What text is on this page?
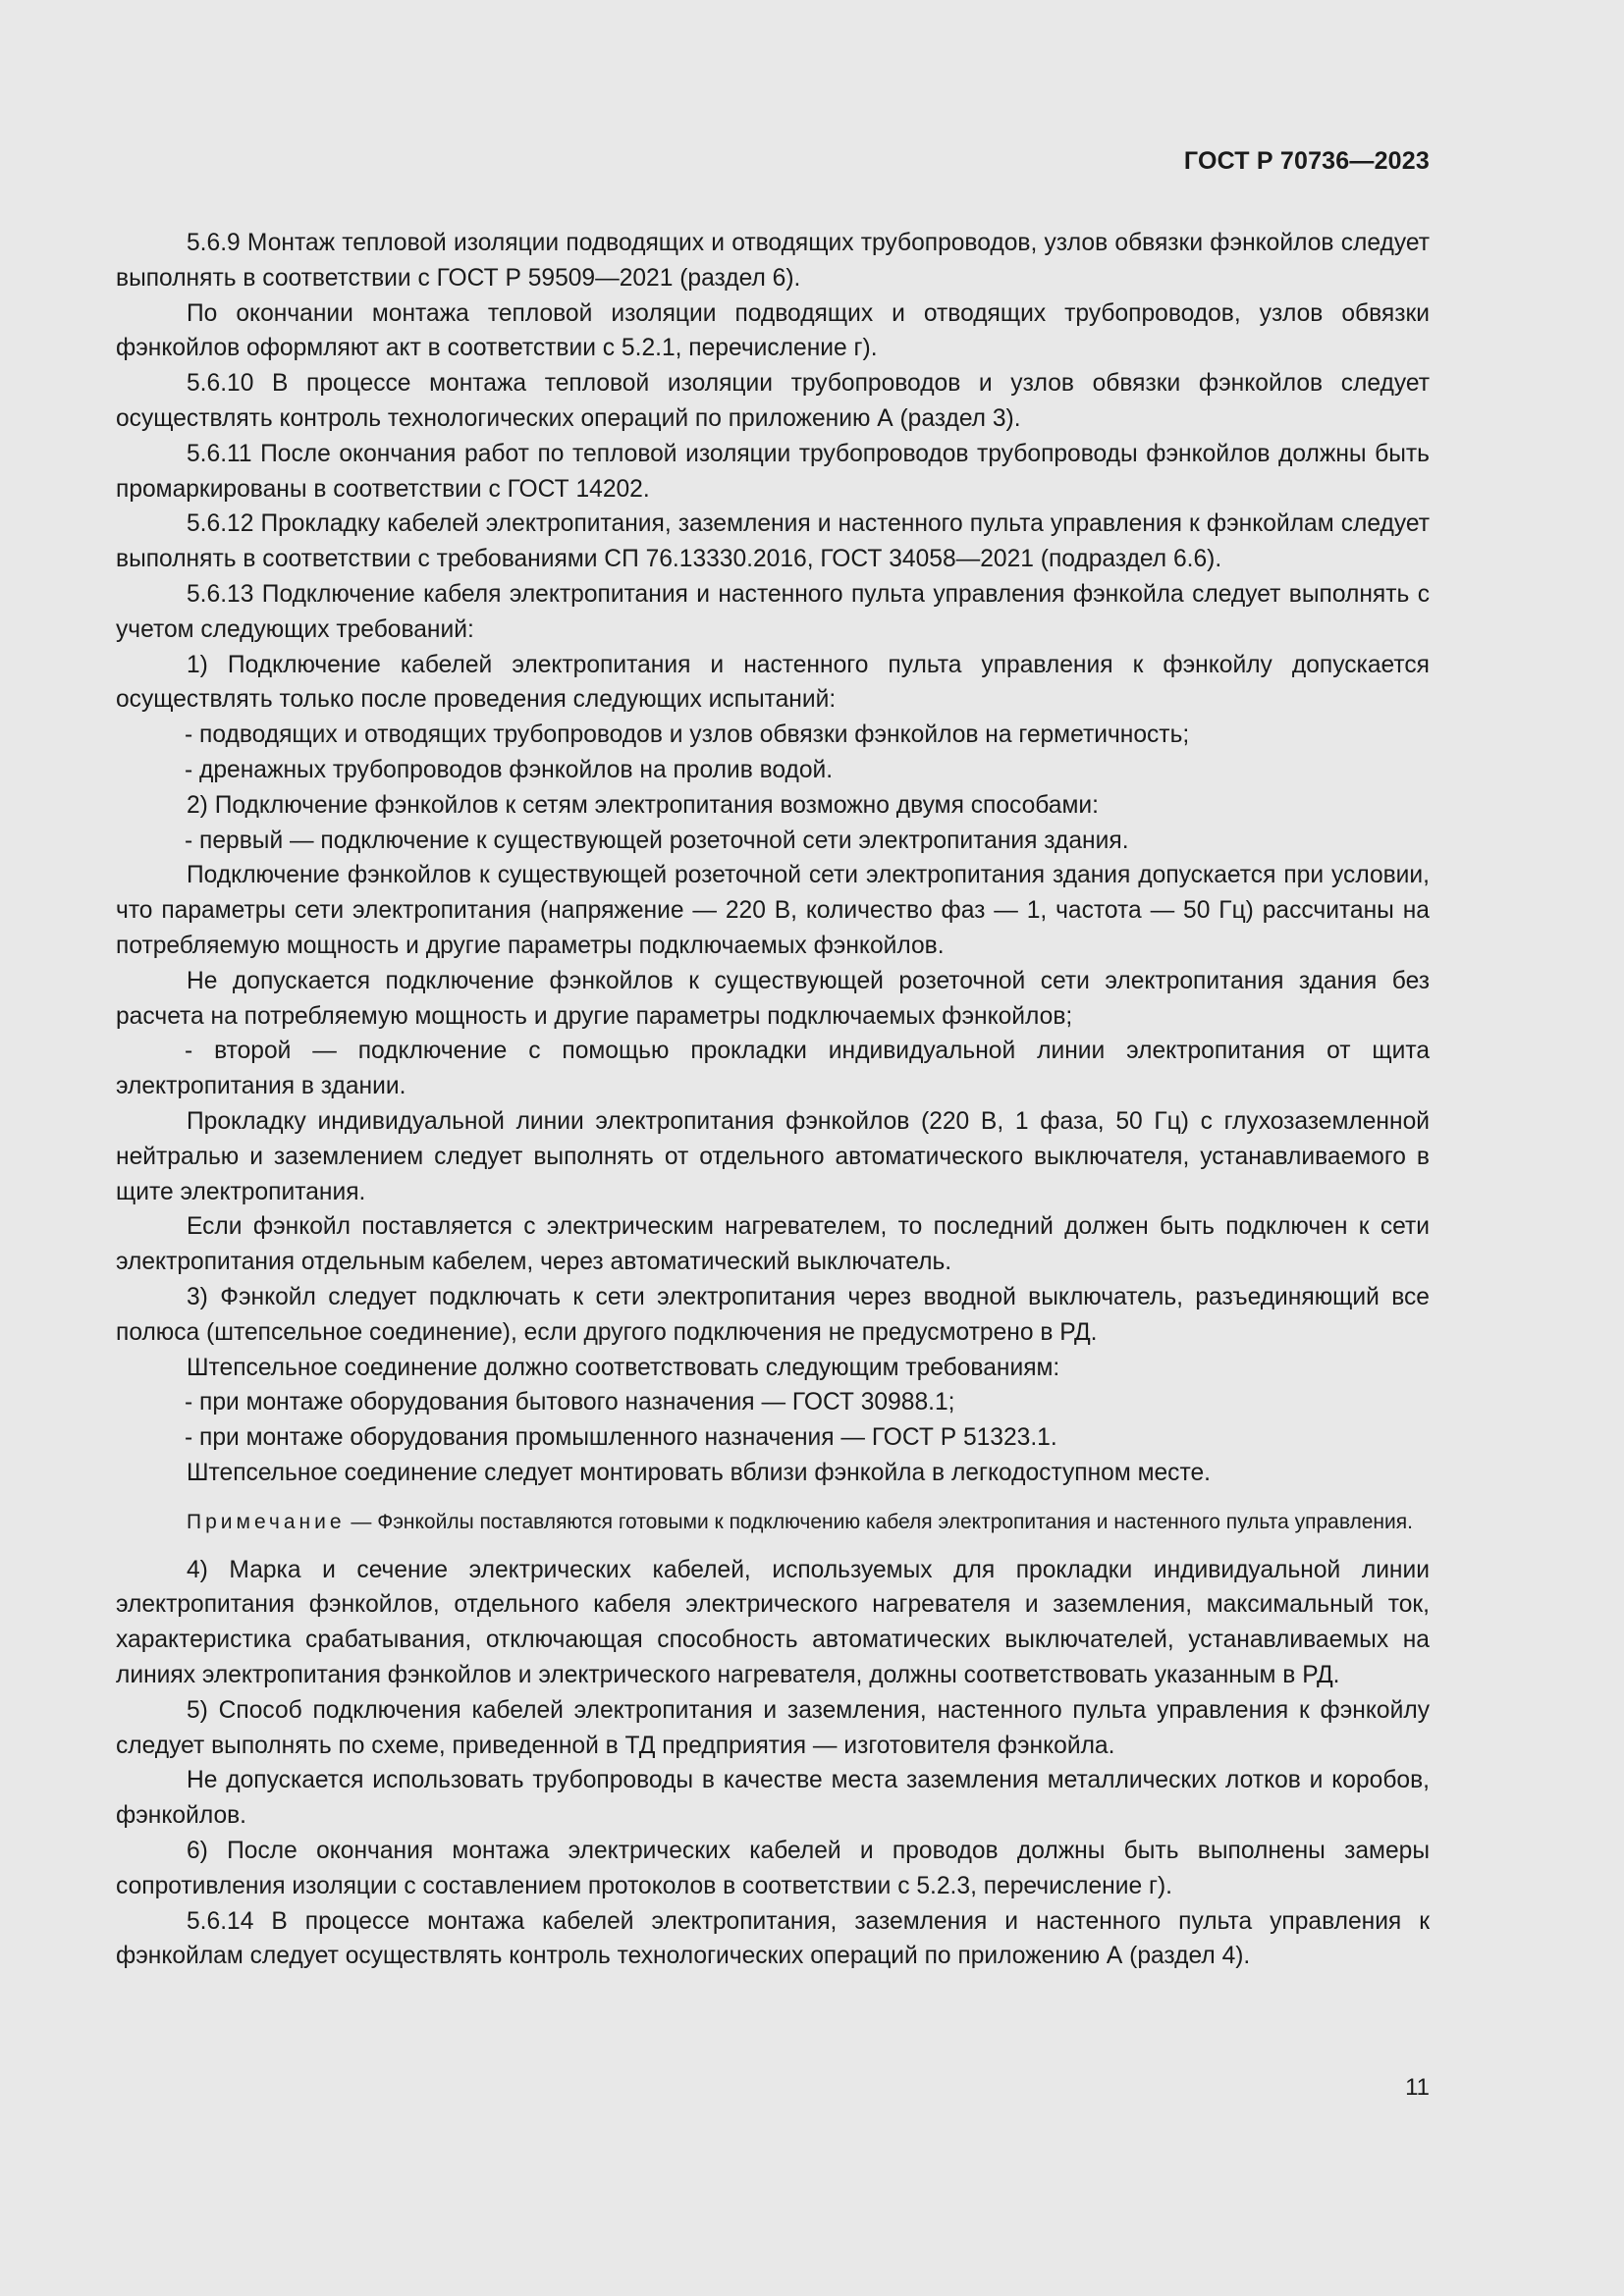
ГОСТ Р 70736—2023

5.6.9 Монтаж тепловой изоляции подводящих и отводящих трубопроводов, узлов обвязки фэнкойлов следует выполнять в соответствии с ГОСТ Р 59509—2021 (раздел 6).

По окончании монтажа тепловой изоляции подводящих и отводящих трубопроводов, узлов обвязки фэнкойлов оформляют акт в соответствии с 5.2.1, перечисление г).

5.6.10 В процессе монтажа тепловой изоляции трубопроводов и узлов обвязки фэнкойлов следует осуществлять контроль технологических операций по приложению А (раздел 3).

5.6.11 После окончания работ по тепловой изоляции трубопроводов трубопроводы фэнкойлов должны быть промаркированы в соответствии с ГОСТ 14202.

5.6.12 Прокладку кабелей электропитания, заземления и настенного пульта управления к фэнкойлам следует выполнять в соответствии с требованиями СП 76.13330.2016, ГОСТ 34058—2021 (подраздел 6.6).

5.6.13 Подключение кабеля электропитания и настенного пульта управления фэнкойла следует выполнять с учетом следующих требований:

1) Подключение кабелей электропитания и настенного пульта управления к фэнкойлу допускается осуществлять только после проведения следующих испытаний:

- подводящих и отводящих трубопроводов и узлов обвязки фэнкойлов на герметичность;

- дренажных трубопроводов фэнкойлов на пролив водой.

2) Подключение фэнкойлов к сетям электропитания возможно двумя способами:

- первый — подключение к существующей розеточной сети электропитания здания.

Подключение фэнкойлов к существующей розеточной сети электропитания здания допускается при условии, что параметры сети электропитания (напряжение — 220 В, количество фаз — 1, частота — 50 Гц) рассчитаны на потребляемую мощность и другие параметры подключаемых фэнкойлов.

Не допускается подключение фэнкойлов к существующей розеточной сети электропитания здания без расчета на потребляемую мощность и другие параметры подключаемых фэнкойлов;

- второй — подключение с помощью прокладки индивидуальной линии электропитания от щита электропитания в здании.

Прокладку индивидуальной линии электропитания фэнкойлов (220 В, 1 фаза, 50 Гц) с глухозаземленной нейтралью и заземлением следует выполнять от отдельного автоматического выключателя, устанавливаемого в щите электропитания.

Если фэнкойл поставляется с электрическим нагревателем, то последний должен быть подключен к сети электропитания отдельным кабелем, через автоматический выключатель.

3) Фэнкойл следует подключать к сети электропитания через вводной выключатель, разъединяющий все полюса (штепсельное соединение), если другого подключения не предусмотрено в РД.

Штепсельное соединение должно соответствовать следующим требованиям:

- при монтаже оборудования бытового назначения — ГОСТ 30988.1;

- при монтаже оборудования промышленного назначения — ГОСТ Р 51323.1.

Штепсельное соединение следует монтировать вблизи фэнкойла в легкодоступном месте.

Примечание — Фэнкойлы поставляются готовыми к подключению кабеля электропитания и настенного пульта управления.

4) Марка и сечение электрических кабелей, используемых для прокладки индивидуальной линии электропитания фэнкойлов, отдельного кабеля электрического нагревателя и заземления, максимальный ток, характеристика срабатывания, отключающая способность автоматических выключателей, устанавливаемых на линиях электропитания фэнкойлов и электрического нагревателя, должны соответствовать указанным в РД.

5) Способ подключения кабелей электропитания и заземления, настенного пульта управления к фэнкойлу следует выполнять по схеме, приведенной в ТД предприятия — изготовителя фэнкойла.

Не допускается использовать трубопроводы в качестве места заземления металлических лотков и коробов, фэнкойлов.

6) После окончания монтажа электрических кабелей и проводов должны быть выполнены замеры сопротивления изоляции с составлением протоколов в соответствии с 5.2.3, перечисление г).

5.6.14 В процессе монтажа кабелей электропитания, заземления и настенного пульта управления к фэнкойлам следует осуществлять контроль технологических операций по приложению А (раздел 4).

11
